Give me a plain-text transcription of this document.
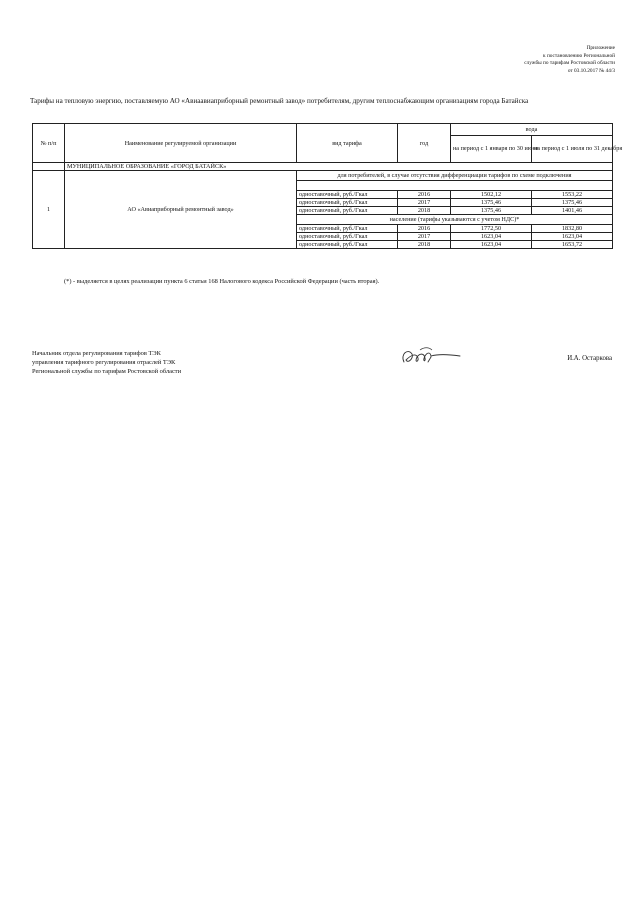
Приложение
к постановлению Региональной
службы по тарифам Ростовской области
от 03.10.2017 № 44/3
Тарифы на тепловую энергию, поставляемую АО «Авиаавиаприборный ремонтный завод» потребителям, другим теплоснабжающим организациям города Батайска
№ п/п	Наименование регулируемой организации	вид тарифа	год	вода	
				на период с 1 января по 30 июня	на период с 1 июля по 31 декабря
	МУНИЦИПАЛЬНОЕ ОБРАЗОВАНИЕ «ГОРОД БАТАЙСК»				
1	АО «Авиаприборный ремонтный завод»	для потребителей, в случае отсутствия дифференциации тарифов по схеме подключения			

		одноставочный, руб./Гкал	2016	1502,12	1553,22
		одноставочный, руб./Гкал	2017	1375,46	1375,46
		одноставочный, руб./Гкал	2018	1375,46	1401,46
		население (тарифы указываются с учетом НДС)*			
		одноставочный, руб./Гкал	2016	1772,50	1832,80
		одноставочный, руб./Гкал	2017	1623,04	1623,04
		одноставочный, руб./Гкал	2018	1623,04	1653,72
(*) - выделяется в целях реализации пункта 6 статьи 168 Налогового кодекса Российской Федерации (часть вторая).
Начальник отдела регулирования тарифов ТЭК
управления тарифного регулирования отраслей ТЭК
Региональной службы по тарифам Ростовской области
И.А. Остаркова
